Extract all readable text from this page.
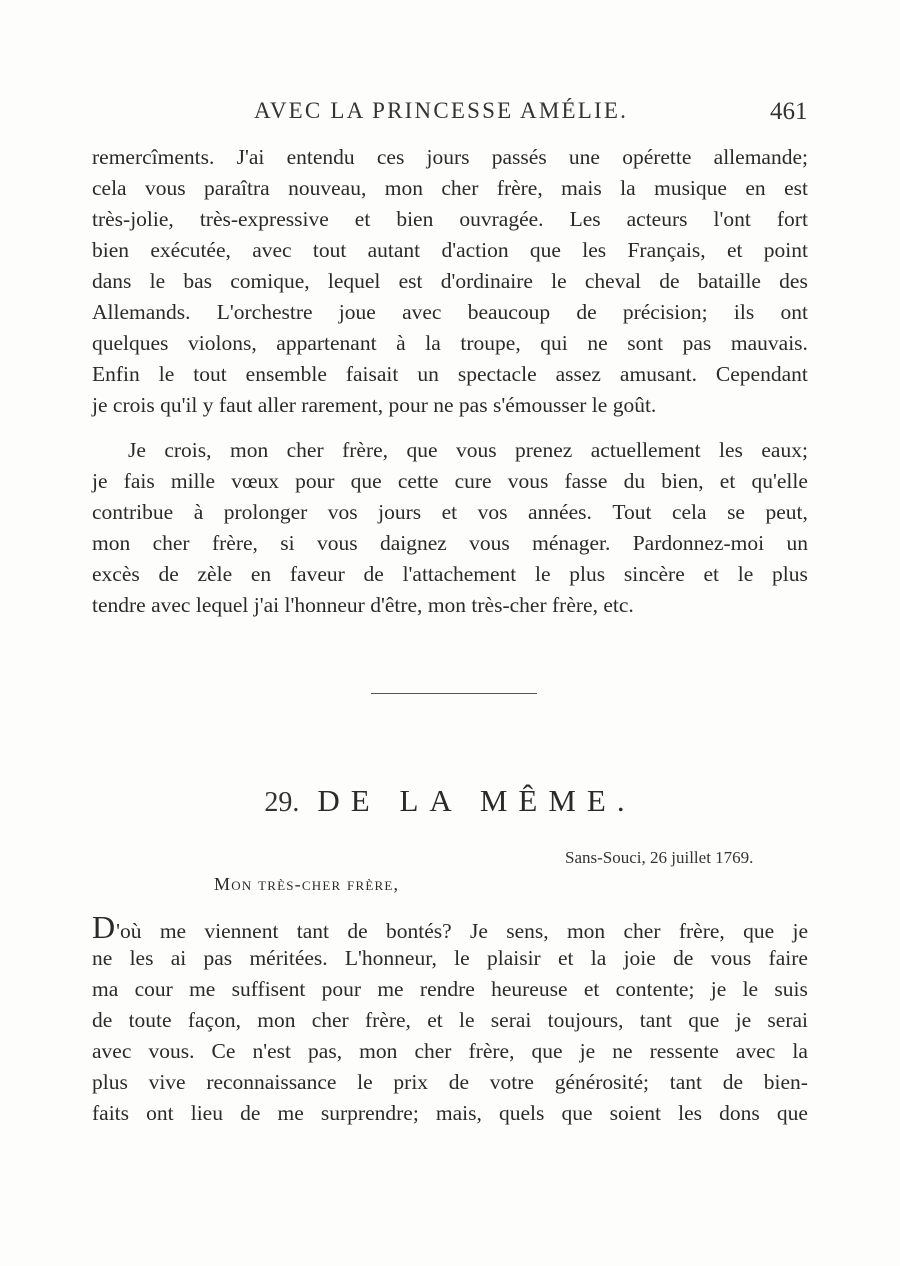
AVEC LA PRINCESSE AMÉLIE.	461
remercîments. J'ai entendu ces jours passés une opérette allemande;
cela vous paraîtra nouveau, mon cher frère, mais la musique en est
très-jolie, très-expressive et bien ouvragée. Les acteurs l'ont fort
bien exécutée, avec tout autant d'action que les Français, et point
dans le bas comique, lequel est d'ordinaire le cheval de bataille des
Allemands. L'orchestre joue avec beaucoup de précision; ils ont
quelques violons, appartenant à la troupe, qui ne sont pas mauvais.
Enfin le tout ensemble faisait un spectacle assez amusant. Cependant
je crois qu'il y faut aller rarement, pour ne pas s'émousser le goût.
Je crois, mon cher frère, que vous prenez actuellement les eaux;
je fais mille vœux pour que cette cure vous fasse du bien, et qu'elle
contribue à prolonger vos jours et vos années. Tout cela se peut,
mon cher frère, si vous daignez vous ménager. Pardonnez-moi un
excès de zèle en faveur de l'attachement le plus sincère et le plus
tendre avec lequel j'ai l'honneur d'être, mon très-cher frère, etc.
29. DE LA MÊME.
Sans-Souci, 26 juillet 1769.
Mon très-cher frère,
D'où me viennent tant de bontés? Je sens, mon cher frère, que je
ne les ai pas méritées. L'honneur, le plaisir et la joie de vous faire
ma cour me suffisent pour me rendre heureuse et contente; je le suis
de toute façon, mon cher frère, et le serai toujours, tant que je serai
avec vous. Ce n'est pas, mon cher frère, que je ne ressente avec la
plus vive reconnaissance le prix de votre générosité; tant de bien-
faits ont lieu de me surprendre; mais, quels que soient les dons que
